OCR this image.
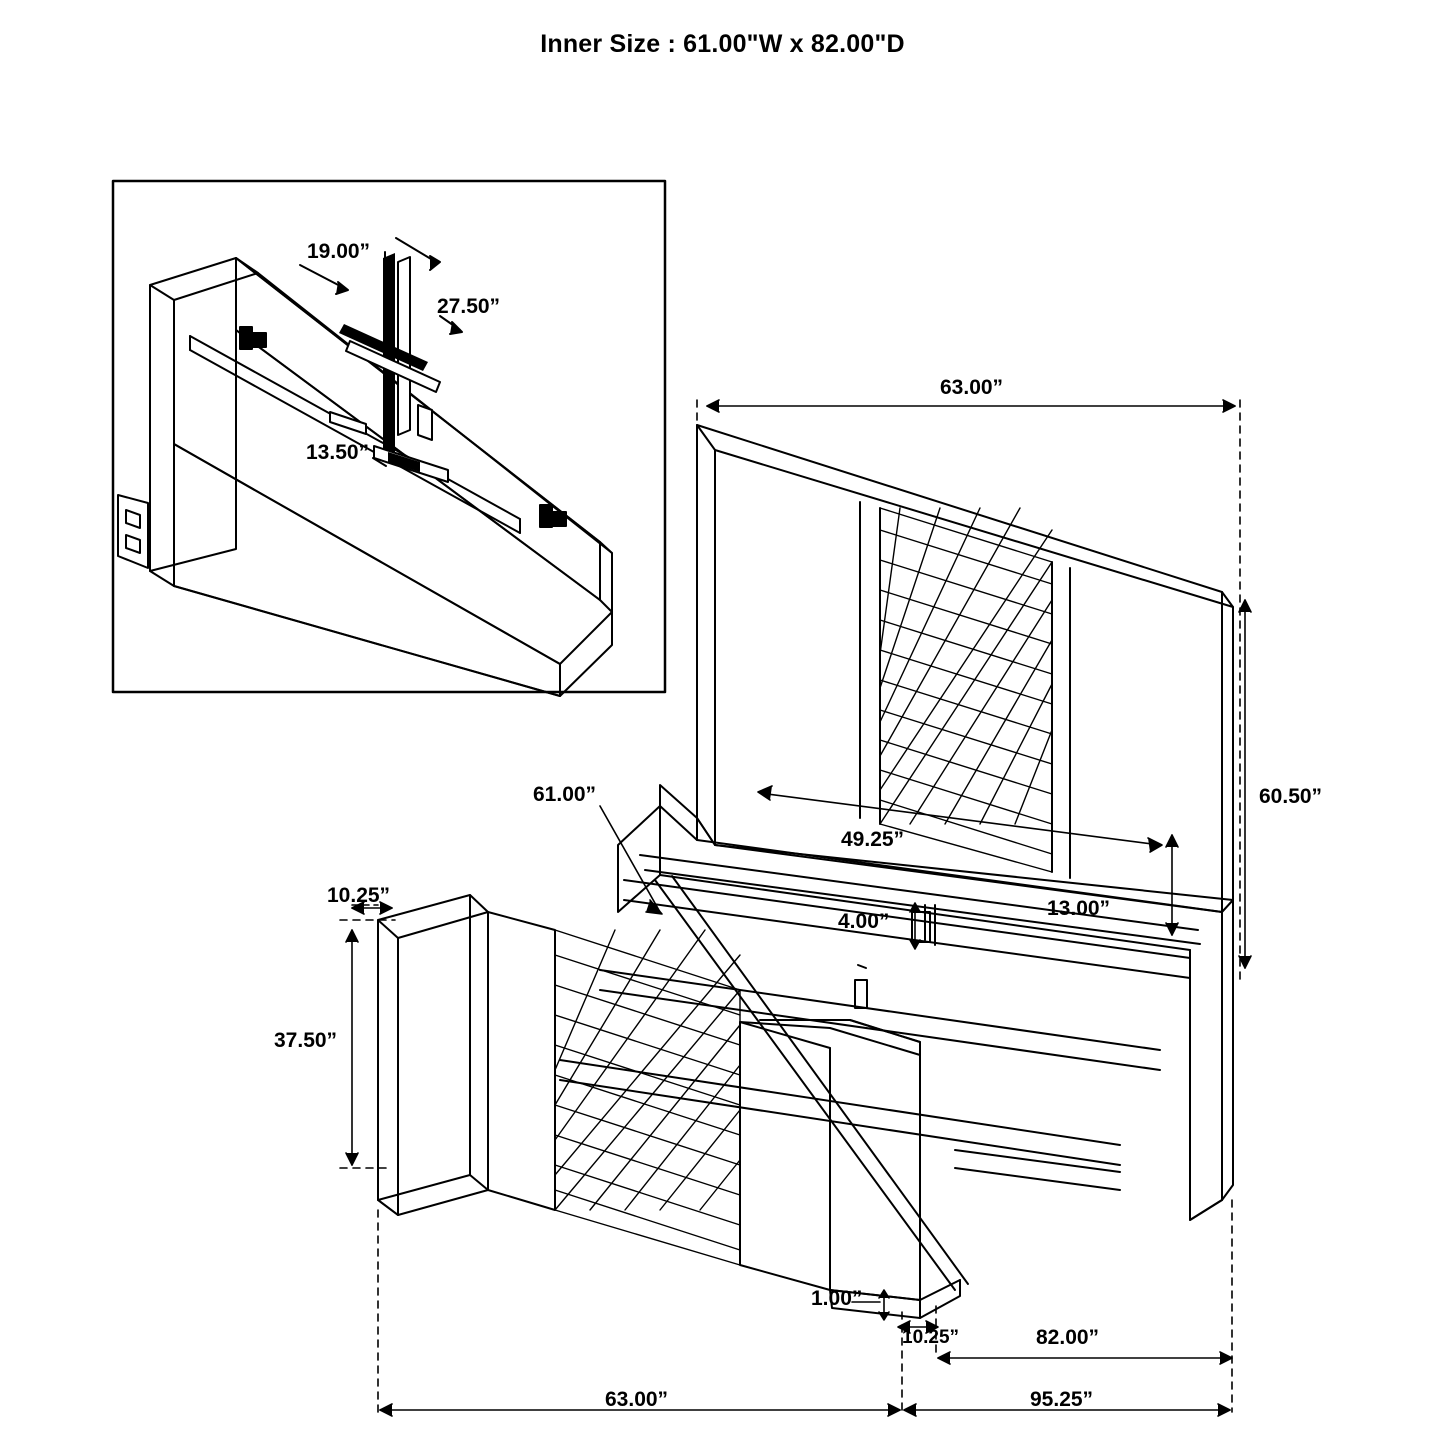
Inner Size : 61.00"W x 82.00"D
19.00”
27.50”
13.50”
63.00”
60.50”
61.00”
49.25”
13.00”
4.00”
10.25”
37.50”
1.00”
10.25”	82.00”
63.00”	95.25”
